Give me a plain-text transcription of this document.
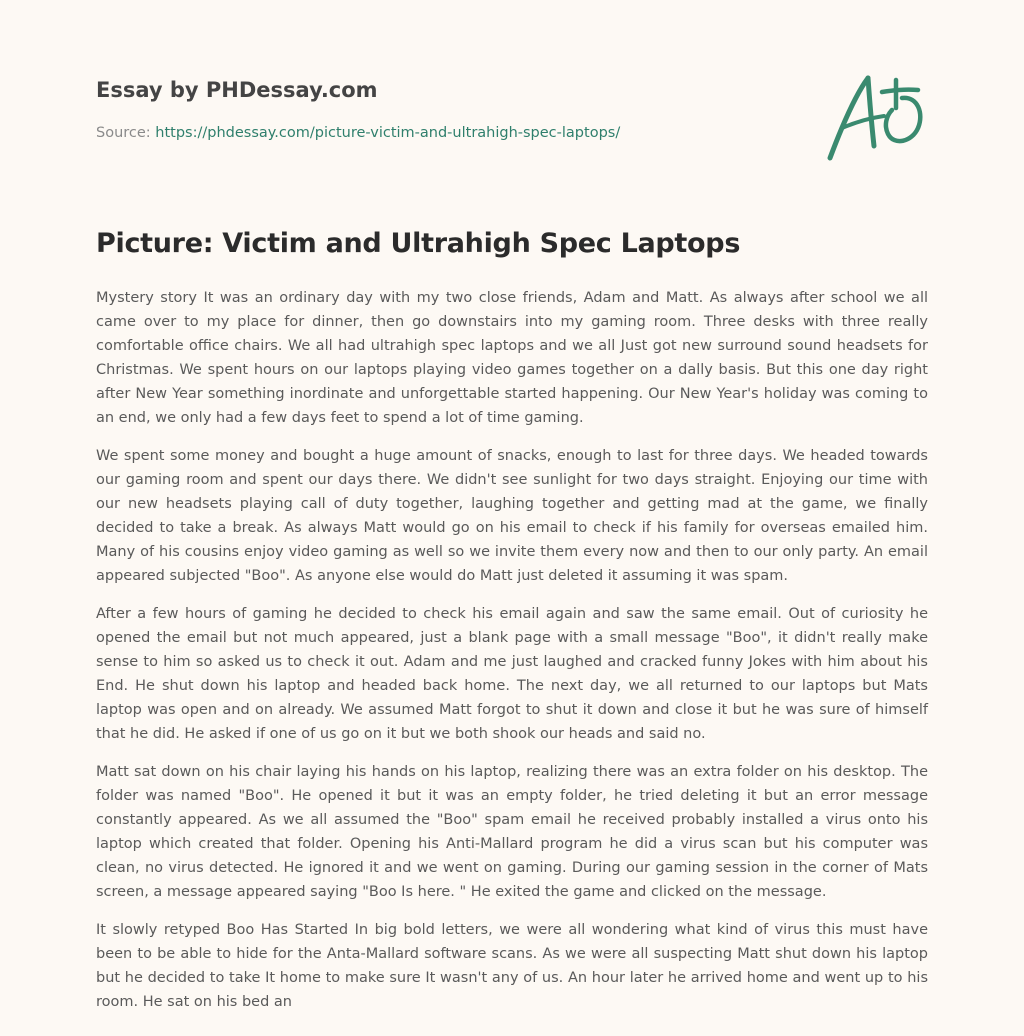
Essay by PHDessay.com
Source: https://phdessay.com/picture-victim-and-ultrahigh-spec-laptops/
Picture: Victim and Ultrahigh Spec Laptops

Mystery story It was an ordinary day with my two close friends, Adam and Matt. As always after school we all came over to my place for dinner, then go downstairs into my gaming room. Three desks with three really comfortable office chairs. We all had ultrahigh spec laptops and we all Just got new surround sound headsets for Christmas. We spent hours on our laptops playing video games together on a dally basis. But this one day right after New Year something inordinate and unforgettable started happening. Our New Year's holiday was coming to an end, we only had a few days feet to spend a lot of time gaming.

We spent some money and bought a huge amount of snacks, enough to last for three days. We headed towards our gaming room and spent our days there. We didn't see sunlight for two days straight. Enjoying our time with our new headsets playing call of duty together, laughing together and getting mad at the game, we finally decided to take a break. As always Matt would go on his email to check if his family for overseas emailed him. Many of his cousins enjoy video gaming as well so we invite them every now and then to our only party. An email appeared subjected "Boo". As anyone else would do Matt just deleted it assuming it was spam.

After a few hours of gaming he decided to check his email again and saw the same email. Out of curiosity he opened the email but not much appeared, just a blank page with a small message "Boo", it didn't really make sense to him so asked us to check it out. Adam and me just laughed and cracked funny Jokes with him about his End. He shut down his laptop and headed back home. The next day, we all returned to our laptops but Mats laptop was open and on already. We assumed Matt forgot to shut it down and close it but he was sure of himself that he did. He asked if one of us go on it but we both shook our heads and said no.

Matt sat down on his chair laying his hands on his laptop, realizing there was an extra folder on his desktop. The folder was named "Boo". He opened it but it was an empty folder, he tried deleting it but an error message constantly appeared. As we all assumed the "Boo" spam email he received probably installed a virus onto his laptop which created that folder. Opening his Anti-Mallard program he did a virus scan but his computer was clean, no virus detected. He ignored it and we went on gaming. During our gaming session in the corner of Mats screen, a message appeared saying "Boo Is here. " He exited the game and clicked on the message.

It slowly retyped Boo Has Started In big bold letters, we were all wondering what kind of virus this must have been to be able to hide for the Anta-Mallard software scans. As we were all suspecting Matt shut down his laptop but he decided to take It home to make sure It wasn't any of us. An hour later he arrived home and went up to his room. He sat on his bed an
